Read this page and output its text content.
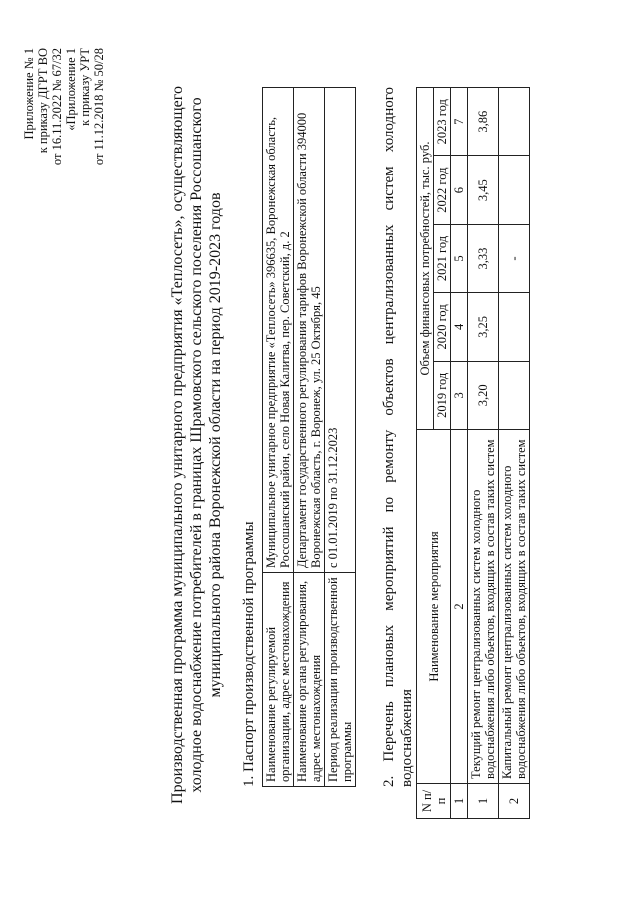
Приложение № 1 к приказу ДГРТ ВО от 16.11.2022 № 67/32 «Приложение 1 к приказу УРТ от 11.12.2018 № 50/28	Производственная программа муниципального унитарного предприятия «Теплосеть», осуществляющего холодное водоснабжение потребителей в границах Шрамовского сельского поселения Россошанского муниципального района Воронежской области на период 2019-2023 годов 1. Паспорт производственной программы Наименование регулируемой организации, адрес местонахождения	Муниципальное унитарное предприятие «Теплосеть» 396635, Воронежская область, Россошанский район, село Новая Калитва, пер. Советский, д. 2
Наименование органа регулирования, адрес местонахождения	Департамент государственного регулирования тарифов Воронежской области 394000 Воронежская область, г. Воронеж, ул. 25 Октября, 45
Период реализации производственной программы	с 01.01.2019 по 31.12.2023	2. Перечень плановых мероприятий по ремонту объектов централизованных систем холодного водоснабжения
N п/п	Наименование мероприятия	Объем финансовых потребностей, тыс. руб.				
		2019 год	2020 год	2021 год	2022 год	2023 год
1	2	3	4	5	6	7
1	Текущий ремонт централизованных систем холодного водоснабжения либо объектов, входящих в состав таких систем	3,20	3,25	3,33	3,45	3,86
2	Капитальный ремонт централизованных систем холодного водоснабжения либо объектов, входящих в состав таких систем			-		
